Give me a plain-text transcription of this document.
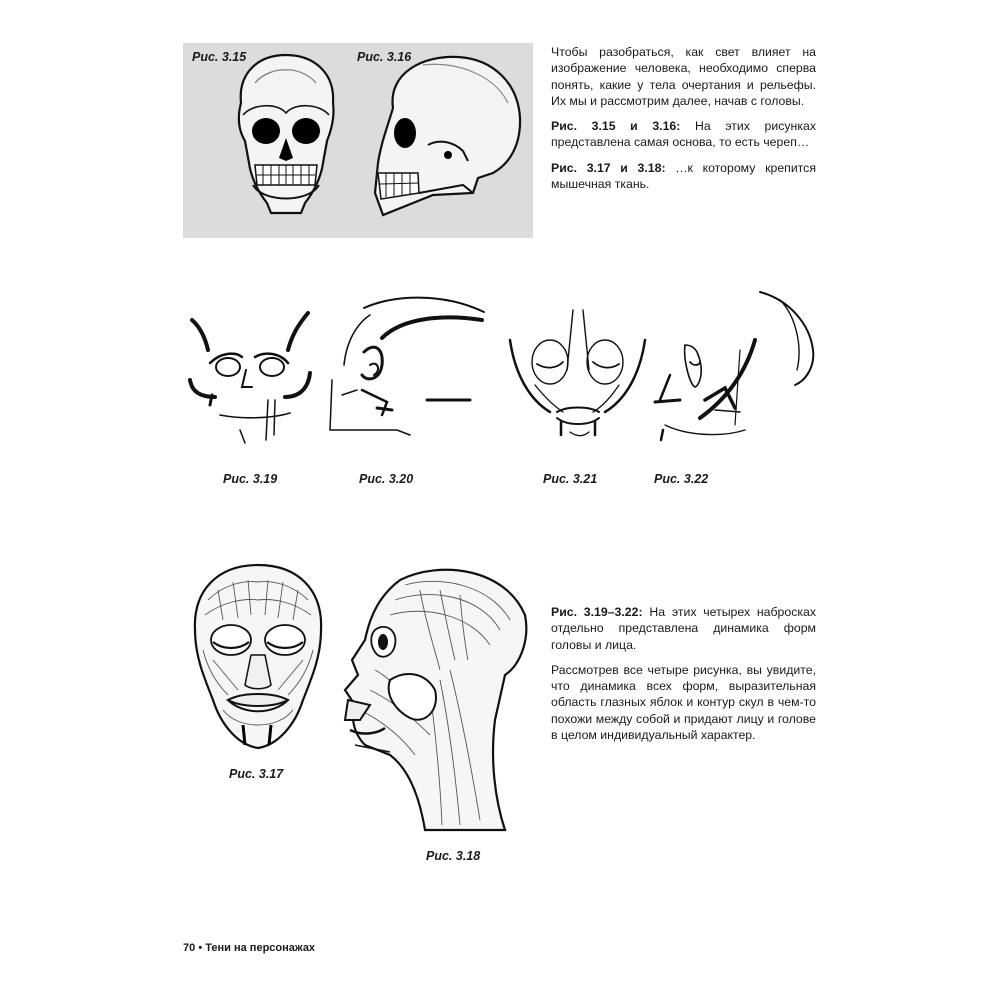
Рис. 3.15	Рис. 3.16	Чтобы разобраться, как свет влияет на изображение человека, необходимо сперва понять, какие у тела очертания и рельефы. Их мы и рассмотрим далее, начав с головы.

Рис. 3.15 и 3.16: На этих рисунках представлена самая основа, то есть череп…

Рис. 3.17 и 3.18: …к которому крепится мышечная ткань.

Рис. 3.19	Рис. 3.20	Рис. 3.21	Рис. 3.22
Рис. 3.17
Рис. 3.18

Рис. 3.19–3.22: На этих четырех набросках отдельно представлена динамика форм головы и лица.

Рассмотрев все четыре рисунка, вы увидите, что динамика всех форм, выразительная область глазных яблок и контур скул в чем-то похожи между собой и придают лицу и голове в целом индивидуальный характер.

70 • Тени на персонажах
